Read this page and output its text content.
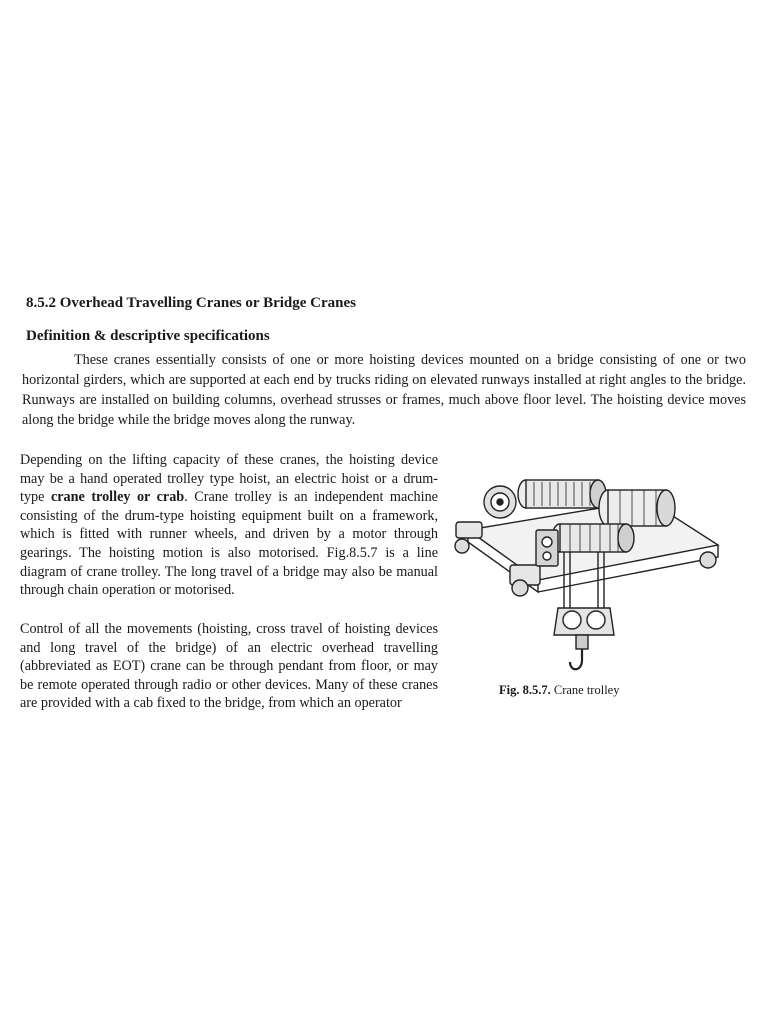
8.5.2 Overhead Travelling Cranes or Bridge Cranes
Definition & descriptive specifications

These cranes essentially consists of one or more hoisting devices mounted on a bridge consisting of one or two horizontal girders, which are supported at each end by trucks riding on elevated runways installed at right angles to the bridge. Runways are installed on building columns, overhead strusses or frames, much above floor level. The hoisting device moves along the bridge while the bridge moves along the runway.

Depending on the lifting capacity of these cranes, the hoisting device may be a hand operated trolley type hoist, an electric hoist or a drum-type crane trolley or crab. Crane trolley is an independent machine consisting of the drum-type hoisting equipment built on a framework, which is fitted with runner wheels, and driven by a motor through gearings. The hoisting motion is also motorised. Fig.8.5.7 is a line diagram of crane trolley. The long travel of a bridge may also be manual through chain operation or motorised.

Control of all the movements (hoisting, cross travel of hoisting devices and long travel of the bridge) of an electric overhead travelling (abbreviated as EOT) crane can be through pendant from floor, or may be remote operated through radio or other devices. Many of these cranes are provided with a cab fixed to the bridge, from which an operator

Fig. 8.5.7. Crane trolley
